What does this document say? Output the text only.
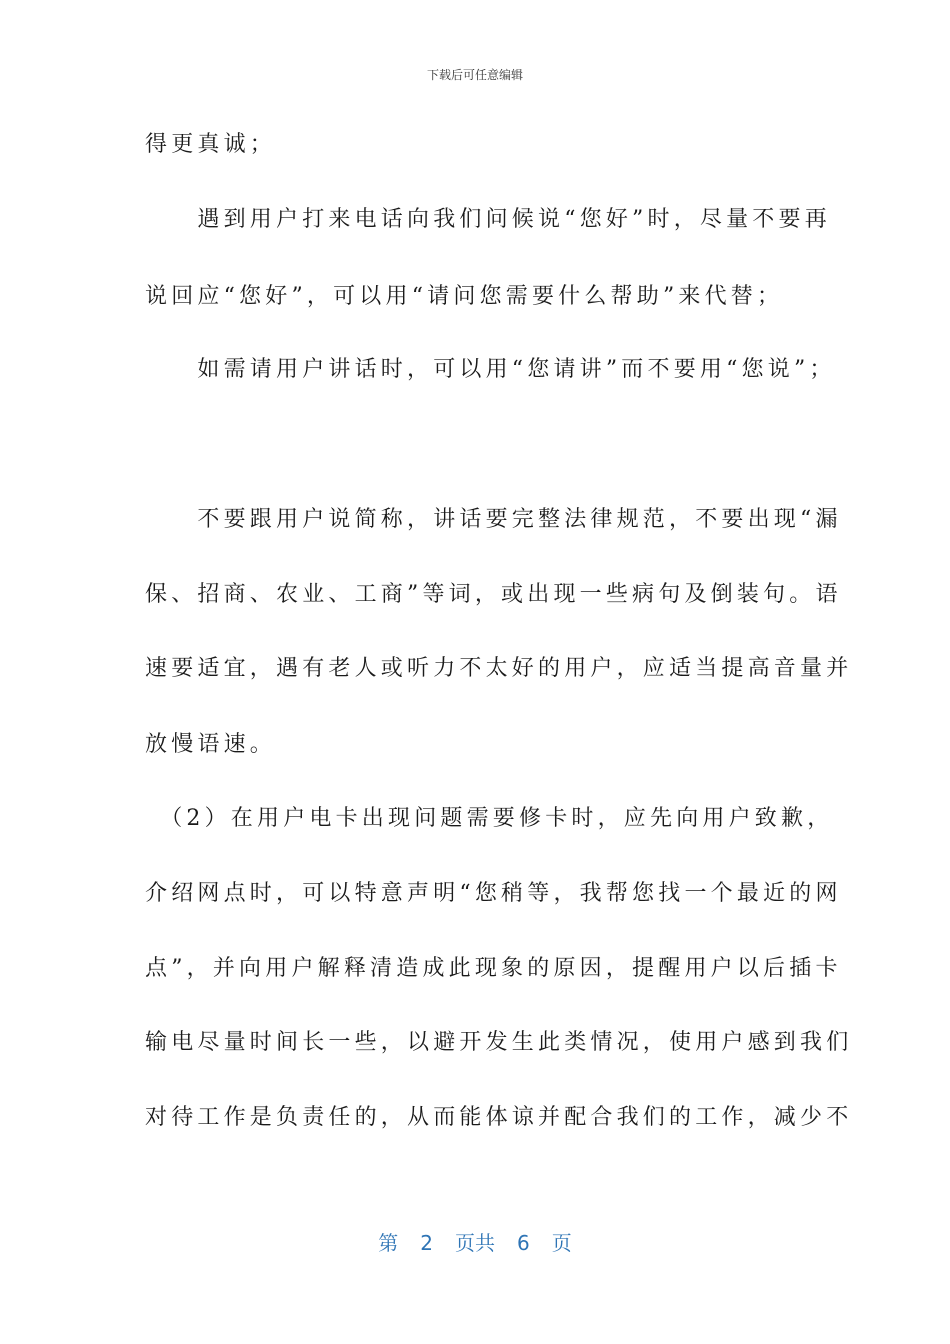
下载后可任意编辑
得更真诚；
　　遇到用户打来电话向我们问候说“您好”时，尽量不要再
说回应“您好”，可以用“请问您需要什么帮助”来代替；
　　如需请用户讲话时，可以用“您请讲”而不要用“您说”；
　　不要跟用户说简称，讲话要完整法律规范，不要出现“漏
保、招商、农业、工商”等词，或出现一些病句及倒装句。语
速要适宜，遇有老人或听力不太好的用户，应适当提高音量并
放慢语速。
　（2）在用户电卡出现问题需要修卡时，应先向用户致歉，
介绍网点时，可以特意声明“您稍等，我帮您找一个最近的网
点”，并向用户解释清造成此现象的原因，提醒用户以后插卡
输电尽量时间长一些，以避开发生此类情况，使用户感到我们
对待工作是负责任的，从而能体谅并配合我们的工作，减少不
第 2 页共 6 页
